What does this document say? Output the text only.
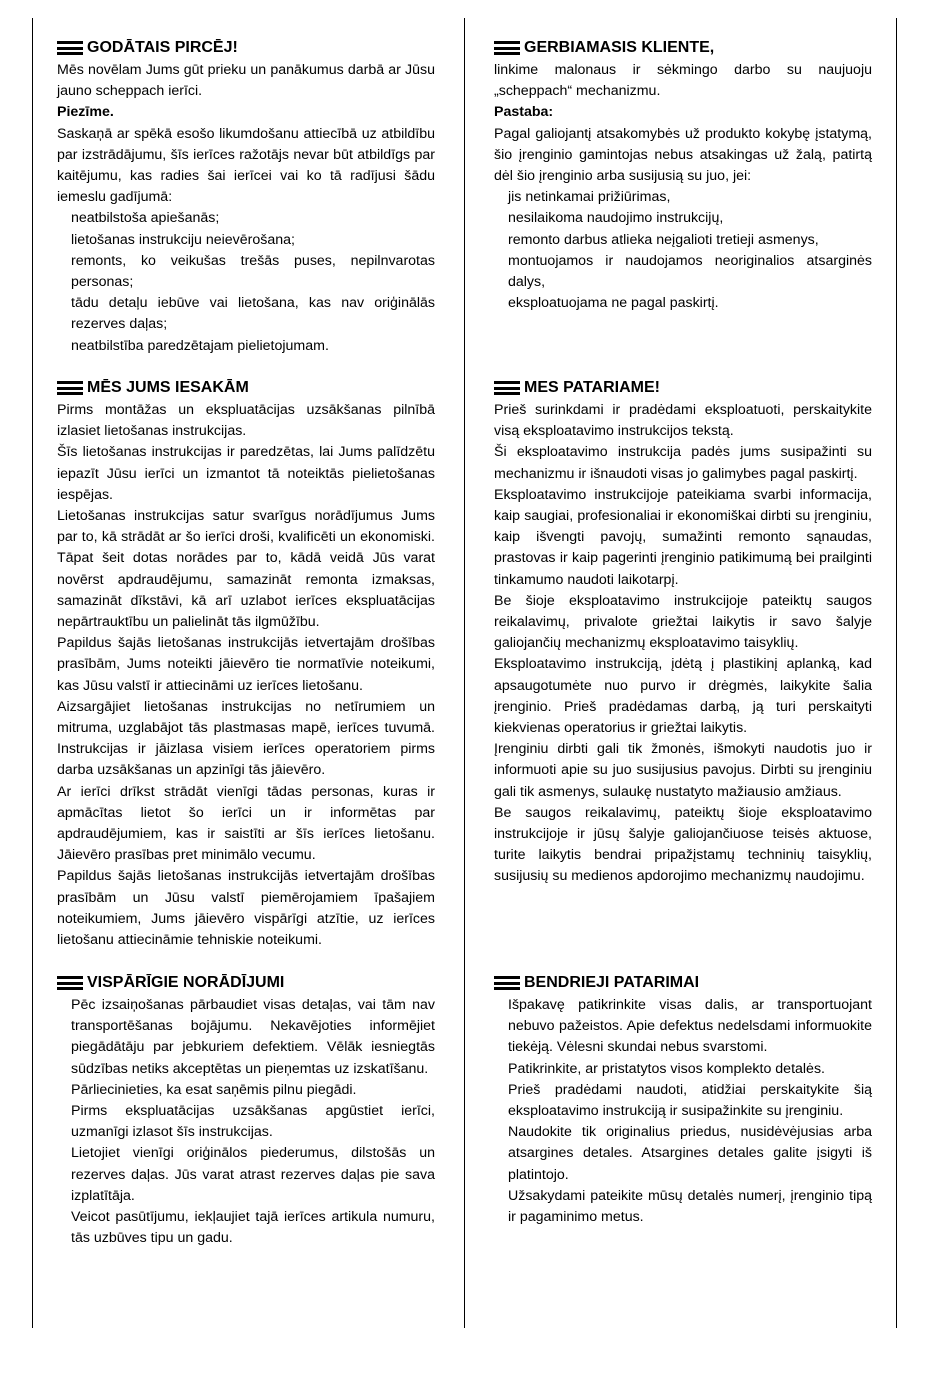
GODĀTAIS PIRCĒJ!

Mēs novēlam Jums gūt prieku un panākumus darbā ar Jūsu jauno scheppach ierīci.

Piezīme.

Saskaņā ar spēkā esošo likumdošanu attiecībā uz atbildību par izstrādājumu, šīs ierīces ražotājs nevar būt atbildīgs par kaitējumu, kas radies šai ierīcei vai ko tā radījusi šādu iemeslu gadījumā:

neatbilstoša apiešanās;

lietošanas instrukciju neievērošana;

remonts, ko veikušas trešās puses, nepilnvarotas personas;

tādu detaļu iebūve vai lietošana, kas nav oriģinālās rezerves daļas;

neatbilstība paredzētajam pielietojumam.

MĒS JUMS IESAKĀM

Pirms montāžas un ekspluatācijas uzsākšanas pilnībā izlasiet lietošanas instrukcijas.

Šīs lietošanas instrukcijas ir paredzētas, lai Jums palīdzētu iepazīt Jūsu ierīci un izmantot tā noteiktās pielietošanas iespējas.

Lietošanas instrukcijas satur svarīgus norādījumus Jums par to, kā strādāt ar šo ierīci droši, kvalificēti un ekonomiski. Tāpat šeit dotas norādes par to, kādā veidā Jūs varat novērst apdraudējumu, samazināt remonta izmaksas, samazināt dīkstāvi, kā arī uzlabot ierīces ekspluatācijas nepārtrauktību un palielināt tās ilgmūžību.

Papildus šajās lietošanas instrukcijās ietvertajām drošības prasībām, Jums noteikti jāievēro tie normatīvie noteikumi, kas Jūsu valstī ir attiecināmi uz ierīces lietošanu.

Aizsargājiet lietošanas instrukcijas no netīrumiem un mitruma, uzglabājot tās plastmasas mapē, ierīces tuvumā. Instrukcijas ir jāizlasa visiem ierīces operatoriem pirms darba uzsākšanas un apzinīgi tās jāievēro.

Ar ierīci drīkst strādāt vienīgi tādas personas, kuras ir apmācītas lietot šo ierīci un ir informētas par apdraudējumiem, kas ir saistīti ar šīs ierīces lietošanu. Jāievēro prasības pret minimālo vecumu.

Papildus šajās lietošanas instrukcijās ietvertajām drošības prasībām un Jūsu valstī piemērojamiem īpašajiem noteikumiem, Jums jāievēro vispārīgi atzītie, uz ierīces lietošanu attiecināmie tehniskie noteikumi.

VISPĀRĪGIE NORĀDĪJUMI

Pēc izsaiņošanas pārbaudiet visas detaļas, vai tām nav transportēšanas bojājumu. Nekavējoties informējiet piegādātāju par jebkuriem defektiem. Vēlāk iesniegtās sūdzības netiks akceptētas un pieņemtas uz izskatīšanu.

Pārliecinieties, ka esat saņēmis pilnu piegādi.

Pirms ekspluatācijas uzsākšanas apgūstiet ierīci, uzmanīgi izlasot šīs instrukcijas.

Lietojiet vienīgi oriģinālos piederumus, dilstošās un rezerves daļas. Jūs varat atrast rezerves daļas pie sava izplatītāja.

Veicot pasūtījumu, iekļaujiet tajā ierīces artikula numuru, tās uzbūves tipu un gadu.

GERBIAMASIS KLIENTE,

linkime malonaus ir sėkmingo darbo su naujuoju „scheppach“ mechanizmu.

Pastaba:

Pagal galiojantį atsakomybės už produkto kokybę įstatymą, šio įrenginio gamintojas nebus atsakingas už žalą, patirtą dėl šio įrenginio arba susijusią su juo, jei:

jis netinkamai prižiūrimas,

nesilaikoma naudojimo instrukcijų,

remonto darbus atlieka neįgalioti tretieji asmenys,

montuojamos ir naudojamos neoriginalios atsarginės dalys,

eksploatuojama ne pagal paskirtį.

MES PATARIAME!

Prieš surinkdami ir pradėdami eksploatuoti, perskaitykite visą eksploatavimo instrukcijos tekstą.

Ši eksploatavimo instrukcija padės jums susipažinti su mechanizmu ir išnaudoti visas jo galimybes pagal paskirtį.

Eksploatavimo instrukcijoje pateikiama svarbi informacija, kaip saugiai, profesionaliai ir ekonomiškai dirbti su įrenginiu, kaip išvengti pavojų, sumažinti remonto sąnaudas, prastovas ir kaip pagerinti įrenginio patikimumą bei prailginti tinkamumo naudoti laikotarpį.

Be šioje eksploatavimo instrukcijoje pateiktų saugos reikalavimų, privalote griežtai laikytis ir savo šalyje galiojančių mechanizmų eksploatavimo taisyklių.

Eksploatavimo instrukciją, įdėtą į plastikinį aplanką, kad apsaugotumėte nuo purvo ir drėgmės, laikykite šalia įrenginio. Prieš pradėdamas darbą, ją turi perskaityti kiekvienas operatorius ir griežtai laikytis.

Įrenginiu dirbti gali tik žmonės, išmokyti naudotis juo ir informuoti apie su juo susijusius pavojus. Dirbti su įrenginiu gali tik asmenys, sulaukę nustatyto mažiausio amžiaus.

Be saugos reikalavimų, pateiktų šioje eksploatavimo instrukcijoje ir jūsų šalyje galiojančiuose teisės aktuose, turite laikytis bendrai pripažįstamų techninių taisyklių, susijusių su medienos apdorojimo mechanizmų naudojimu.

BENDRIEJI PATARIMAI

Išpakavę patikrinkite visas dalis, ar transportuojant nebuvo pažeistos. Apie defektus nedelsdami informuokite tiekėją. Vėlesni skundai nebus svarstomi.

Patikrinkite, ar pristatytos visos komplekto detalės.

Prieš pradėdami naudoti, atidžiai perskaitykite šią eksploatavimo instrukciją ir susipažinkite su įrenginiu.

Naudokite tik originalius priedus, nusidėvėjusias arba atsargines detales. Atsargines detales galite įsigyti iš platintojo.

Užsakydami pateikite mūsų detalės numerį, įrenginio tipą ir pagaminimo metus.
